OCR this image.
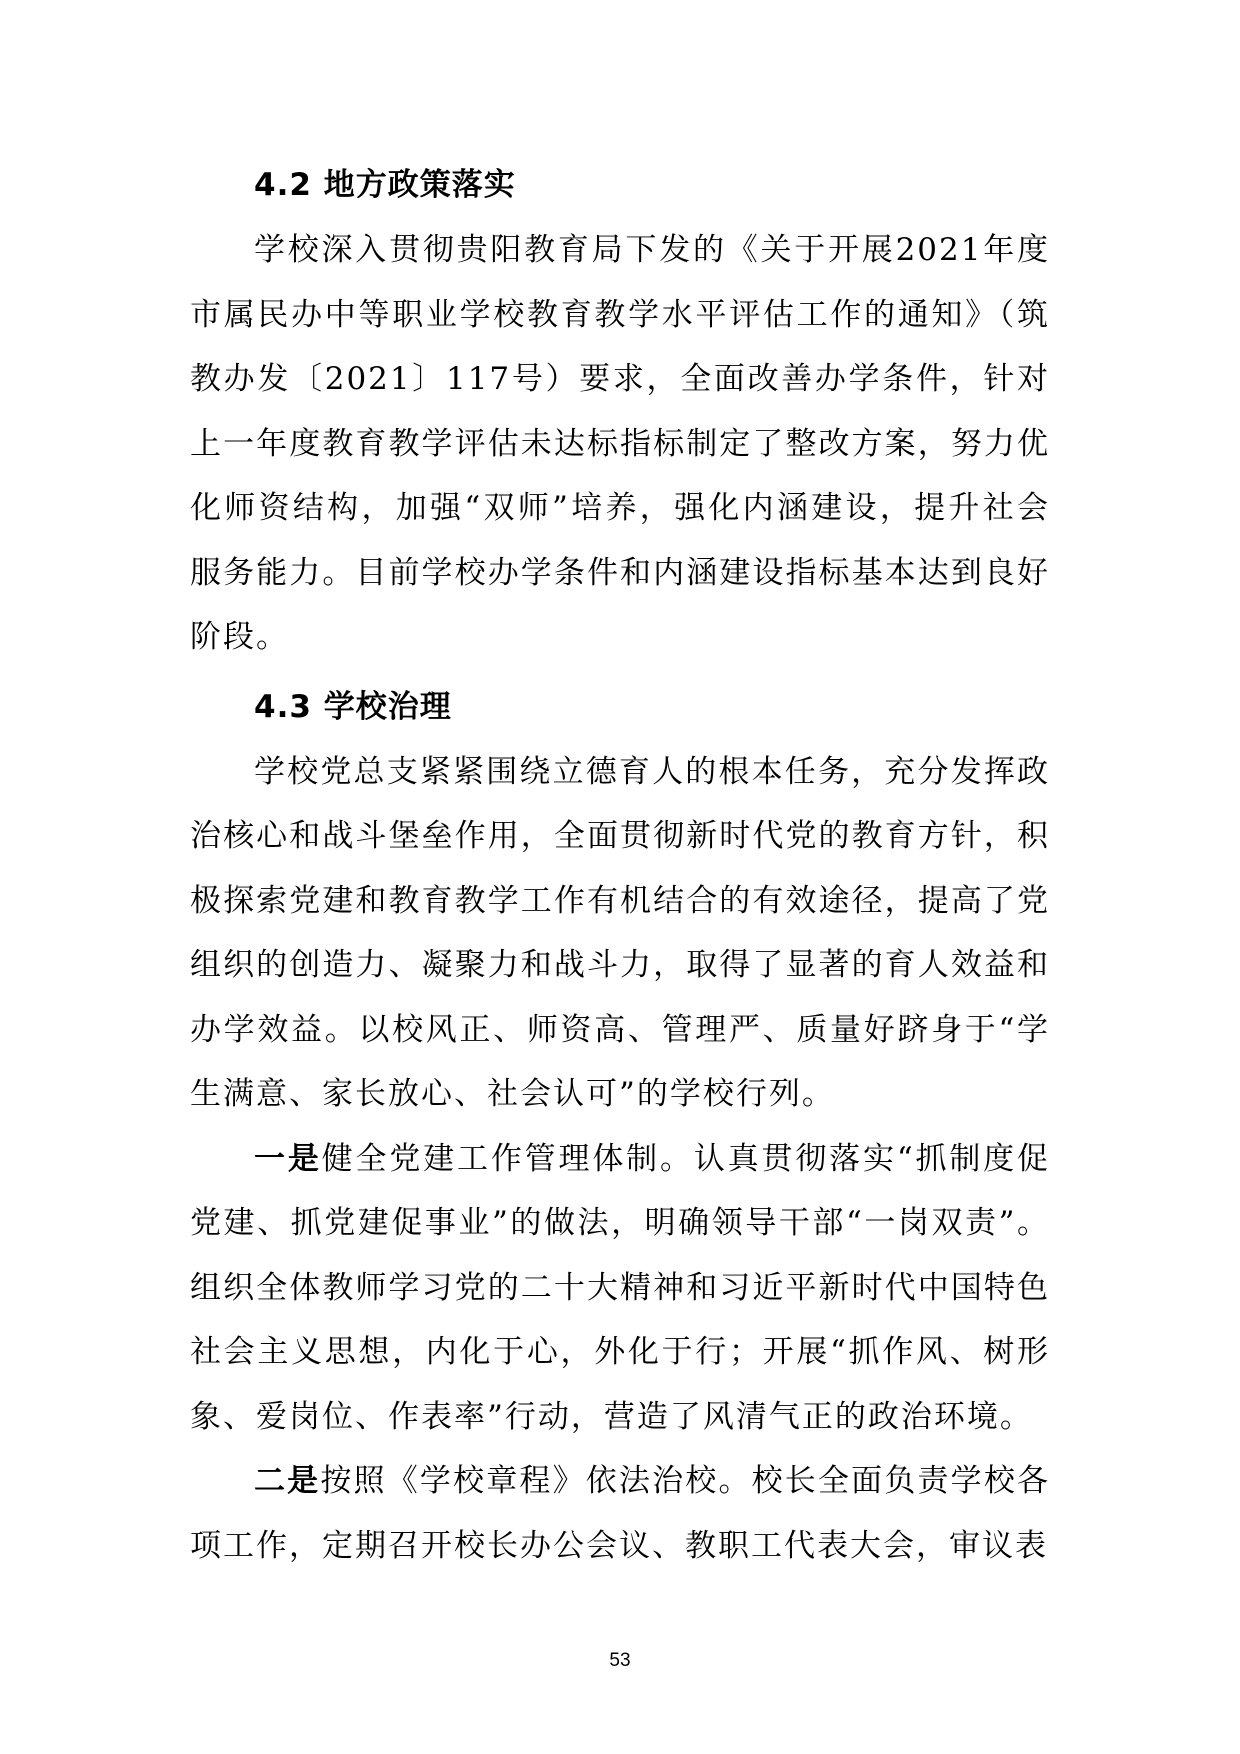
4.2 地方政策落实

学校深入贯彻贵阳教育局下发的《关于开展2021年度市属民办中等职业学校教育教学水平评估工作的通知》（筑教办发〔2021〕117号）要求，全面改善办学条件，针对上一年度教育教学评估未达标指标制定了整改方案，努力优化师资结构，加强“双师”培养，强化内涵建设，提升社会服务能力。目前学校办学条件和内涵建设指标基本达到良好阶段。

4.3 学校治理

学校党总支紧紧围绕立德育人的根本任务，充分发挥政治核心和战斗堡垒作用，全面贯彻新时代党的教育方针，积极探索党建和教育教学工作有机结合的有效途径，提高了党组织的创造力、凝聚力和战斗力，取得了显著的育人效益和办学效益。以校风正、师资高、管理严、质量好跻身于“学生满意、家长放心、社会认可”的学校行列。

一是健全党建工作管理体制。认真贯彻落实“抓制度促党建、抓党建促事业”的做法，明确领导干部“一岗双责”。组织全体教师学习党的二十大精神和习近平新时代中国特色社会主义思想，内化于心，外化于行；开展“抓作风、树形象、爱岗位、作表率”行动，营造了风清气正的政治环境。

二是按照《学校章程》依法治校。校长全面负责学校各项工作，定期召开校长办公会议、教职工代表大会，审议表

53
